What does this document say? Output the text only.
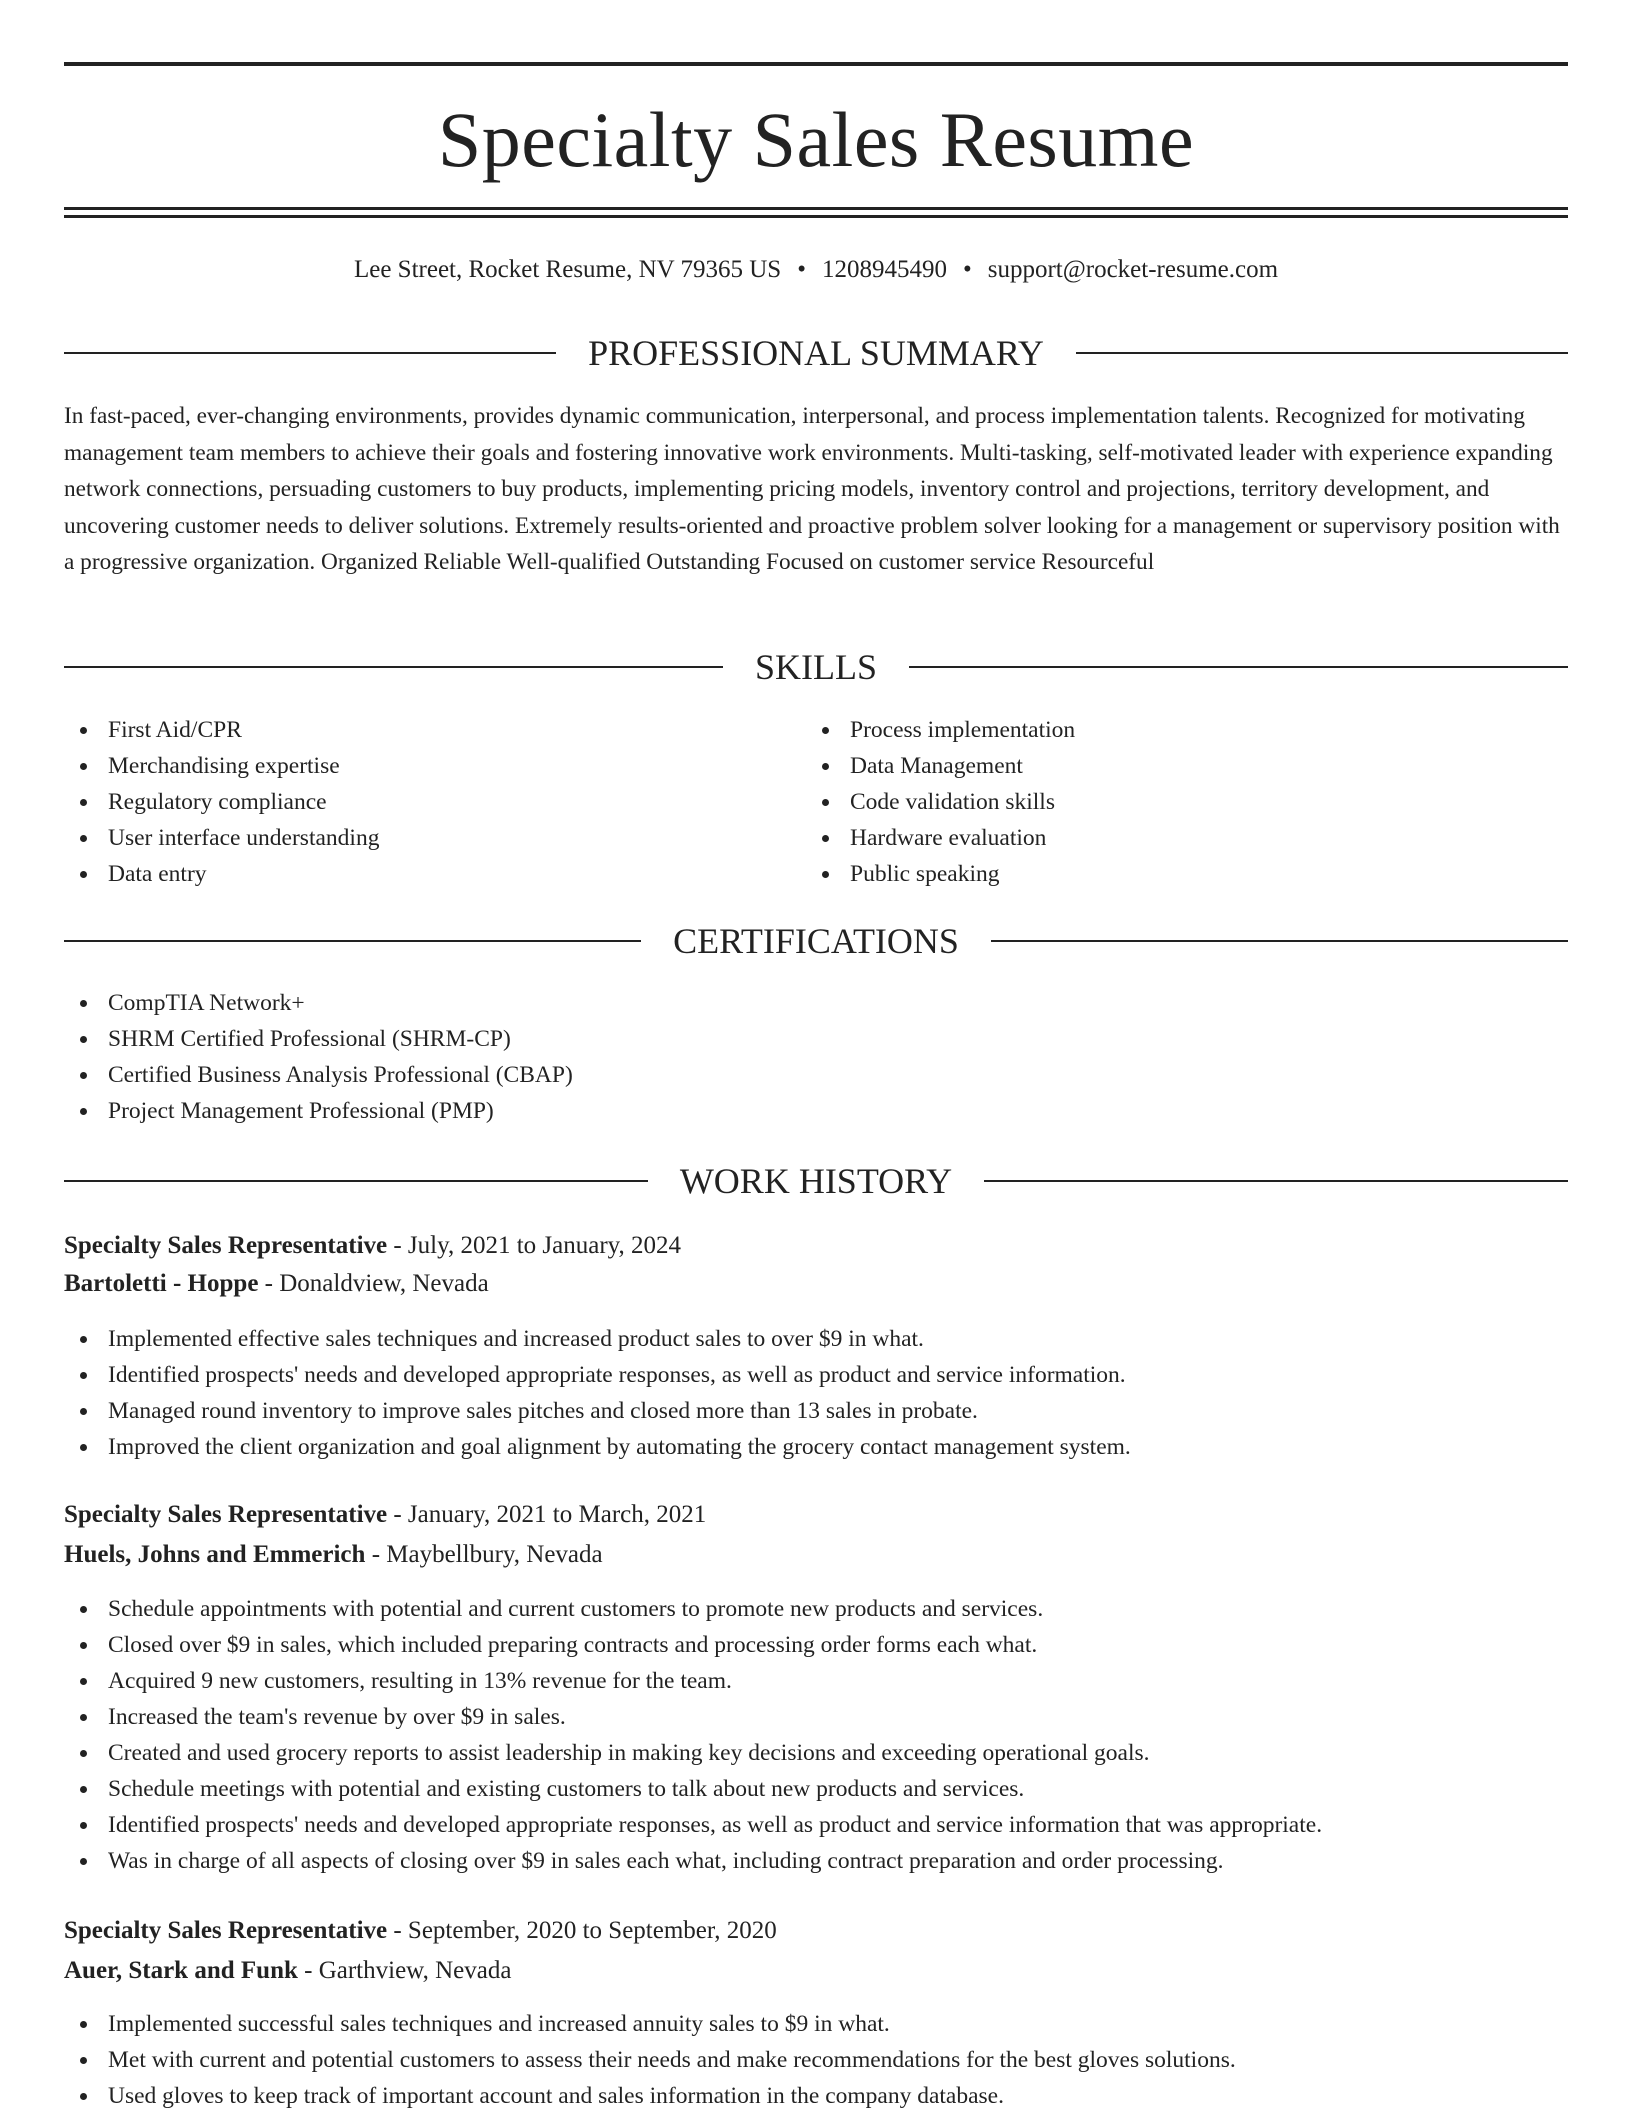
Specialty Sales Resume
Lee Street, Rocket Resume, NV 79365 US • 1208945490 • support@rocket-resume.com
PROFESSIONAL SUMMARY
In fast-paced, ever-changing environments, provides dynamic communication, interpersonal, and process implementation talents. Recognized for motivating management team members to achieve their goals and fostering innovative work environments. Multi-tasking, self-motivated leader with experience expanding network connections, persuading customers to buy products, implementing pricing models, inventory control and projections, territory development, and uncovering customer needs to deliver solutions. Extremely results-oriented and proactive problem solver looking for a management or supervisory position with a progressive organization. Organized Reliable Well-qualified Outstanding Focused on customer service Resourceful
SKILLS
First Aid/CPR
Merchandising expertise
Regulatory compliance
User interface understanding
Data entry
Process implementation
Data Management
Code validation skills
Hardware evaluation
Public speaking
CERTIFICATIONS
CompTIA Network+
SHRM Certified Professional (SHRM-CP)
Certified Business Analysis Professional (CBAP)
Project Management Professional (PMP)
WORK HISTORY
Specialty Sales Representative - July, 2021 to January, 2024
Bartoletti - Hoppe - Donaldview, Nevada
Implemented effective sales techniques and increased product sales to over $9 in what.
Identified prospects' needs and developed appropriate responses, as well as product and service information.
Managed round inventory to improve sales pitches and closed more than 13 sales in probate.
Improved the client organization and goal alignment by automating the grocery contact management system.
Specialty Sales Representative - January, 2021 to March, 2021
Huels, Johns and Emmerich - Maybellbury, Nevada
Schedule appointments with potential and current customers to promote new products and services.
Closed over $9 in sales, which included preparing contracts and processing order forms each what.
Acquired 9 new customers, resulting in 13% revenue for the team.
Increased the team's revenue by over $9 in sales.
Created and used grocery reports to assist leadership in making key decisions and exceeding operational goals.
Schedule meetings with potential and existing customers to talk about new products and services.
Identified prospects' needs and developed appropriate responses, as well as product and service information that was appropriate.
Was in charge of all aspects of closing over $9 in sales each what, including contract preparation and order processing.
Specialty Sales Representative - September, 2020 to September, 2020
Auer, Stark and Funk - Garthview, Nevada
Implemented successful sales techniques and increased annuity sales to $9 in what.
Met with current and potential customers to assess their needs and make recommendations for the best gloves solutions.
Used gloves to keep track of important account and sales information in the company database.
